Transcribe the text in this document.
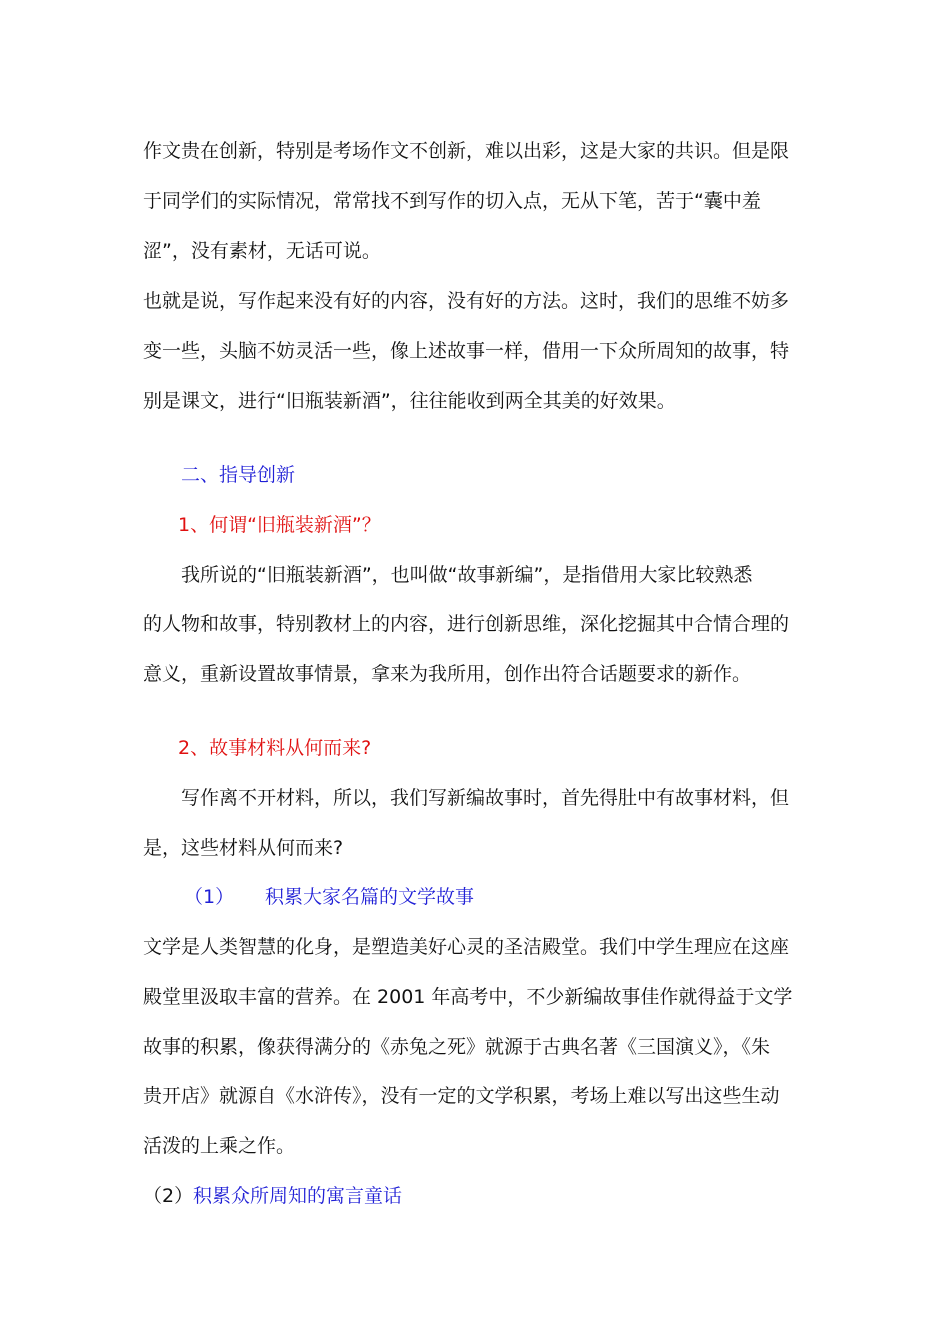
作文贵在创新，特别是考场作文不创新，难以出彩，这是大家的共识。但是限
于同学们的实际情况，常常找不到写作的切入点，无从下笔，苦于“囊中羞
涩”，没有素材，无话可说。
也就是说，写作起来没有好的内容，没有好的方法。这时，我们的思维不妨多
变一些，头脑不妨灵活一些，像上述故事一样，借用一下众所周知的故事，特
别是课文，进行“旧瓶装新酒”，往往能收到两全其美的好效果。
二、指导创新
1、何谓“旧瓶装新酒”？
我所说的“旧瓶装新酒”，也叫做“故事新编”，是指借用大家比较熟悉
的人物和故事，特别教材上的内容，进行创新思维，深化挖掘其中合情合理的
意义，重新设置故事情景，拿来为我所用，创作出符合话题要求的新作。
2、故事材料从何而来?
写作离不开材料，所以，我们写新编故事时，首先得肚中有故事材料，但
是，这些材料从何而来?
（1） 积累大家名篇的文学故事
文学是人类智慧的化身，是塑造美好心灵的圣洁殿堂。我们中学生理应在这座
殿堂里汲取丰富的营养。在 2001 年高考中，不少新编故事佳作就得益于文学
故事的积累，像获得满分的《赤兔之死》就源于古典名著《三国演义》，《朱
贵开店》就源自《水浒传》，没有一定的文学积累，考场上难以写出这些生动
活泼的上乘之作。
（2） 积累众所周知的寓言童话
